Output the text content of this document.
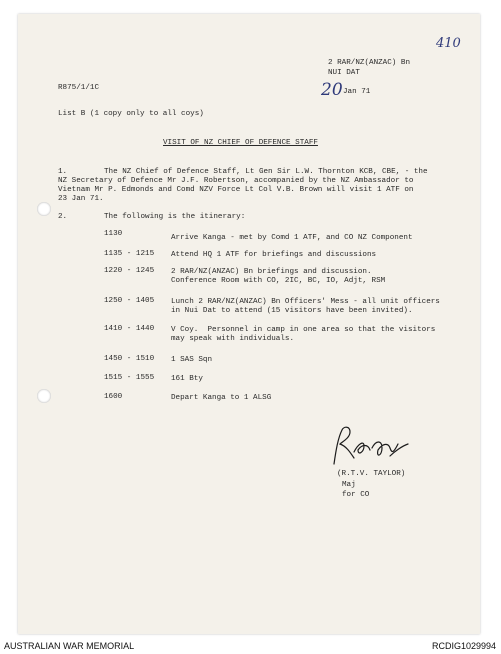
410
2 RAR/NZ(ANZAC) Bn
NUI DAT
20 Jan 71
R875/1/1C
List B (1 copy only to all coys)
VISIT OF NZ CHIEF OF DEFENCE STAFF
1.	The NZ Chief of Defence Staff, Lt Gen Sir L.W. Thornton KCB, CBE, - the
NZ Secretary of Defence Mr J.F. Robertson, accompanied by the NZ Ambassador to
Vietnam Mr P. Edmonds and Comd NZV Force Lt Col V.B. Brown will visit 1 ATF on
23 Jan 71.
2.	The following is the itinerary:
1130	Arrive Kanga - met by Comd 1 ATF, and CO NZ Component
1135 - 1215 Attend HQ 1 ATF for briefings and discussions
1220 - 1245 2 RAR/NZ(ANZAC) Bn briefings and discussion.
Conference Room with CO, 2IC, BC, IO, Adjt, RSM
1250 - 1405 Lunch 2 RAR/NZ(ANZAC) Bn Officers' Mess - all unit officers
in Nui Dat to attend (15 visitors have been invited).
1410 - 1440 V Coy.  Personnel in camp in one area so that the visitors
may speak with individuals.
1450 - 1510 1 SAS Sqn
1515 - 1555 161 Bty
1600	Depart Kanga to 1 ALSG
(R.T.V. TAYLOR)
Maj
for CO
AUSTRALIAN WAR MEMORIAL	RCDIG1029994
